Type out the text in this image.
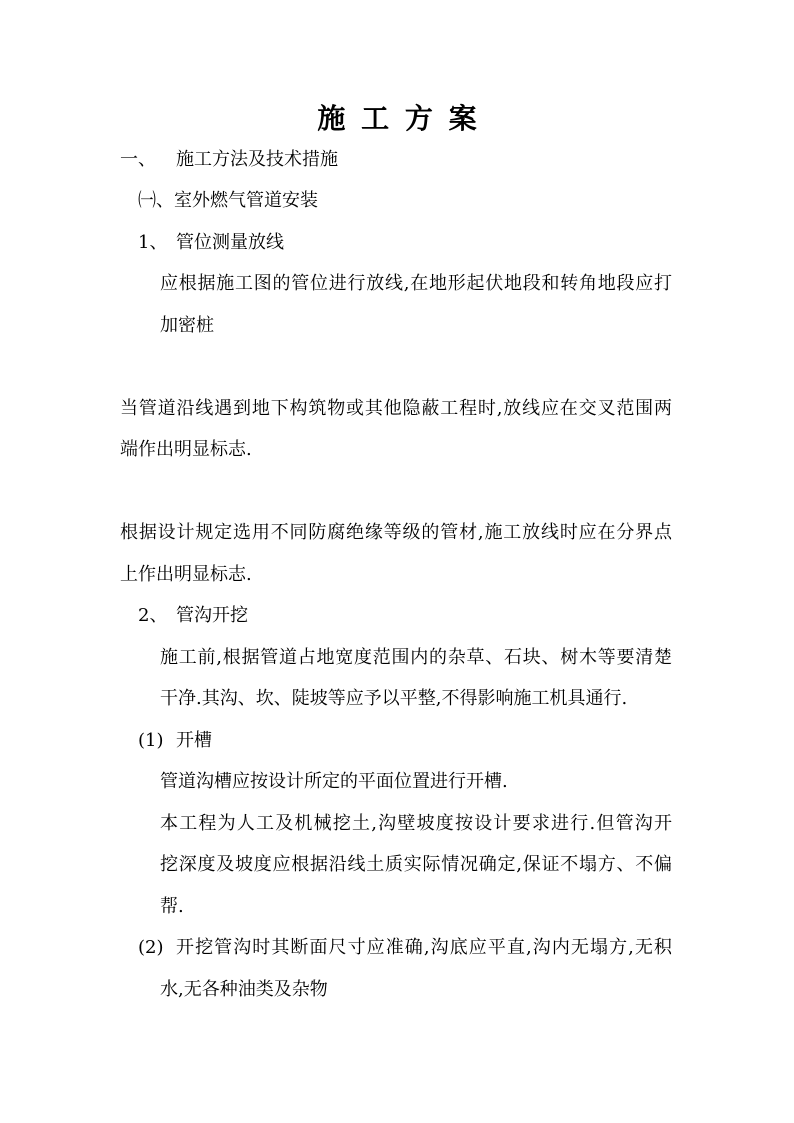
施 工 方 案
一、 施工方法及技术措施
㈠、室外燃气管道安装
1、 管位测量放线
应根据施工图的管位进行放线,在地形起伏地段和转角地段应打
加密桩
当管道沿线遇到地下构筑物或其他隐蔽工程时,放线应在交叉范围两
端作出明显标志.
根据设计规定选用不同防腐绝缘等级的管材,施工放线时应在分界点
上作出明显标志.
2、 管沟开挖
施工前,根据管道占地宽度范围内的杂草、石块、树木等要清楚
干净.其沟、坎、陡坡等应予以平整,不得影响施工机具通行.
(1) 开槽
管道沟槽应按设计所定的平面位置进行开槽.
本工程为人工及机械挖土,沟壁坡度按设计要求进行.但管沟开
挖深度及坡度应根据沿线土质实际情况确定,保证不塌方、不偏
帮.
(2) 开挖管沟时其断面尺寸应准确,沟底应平直,沟内无塌方,无积
水,无各种油类及杂物
